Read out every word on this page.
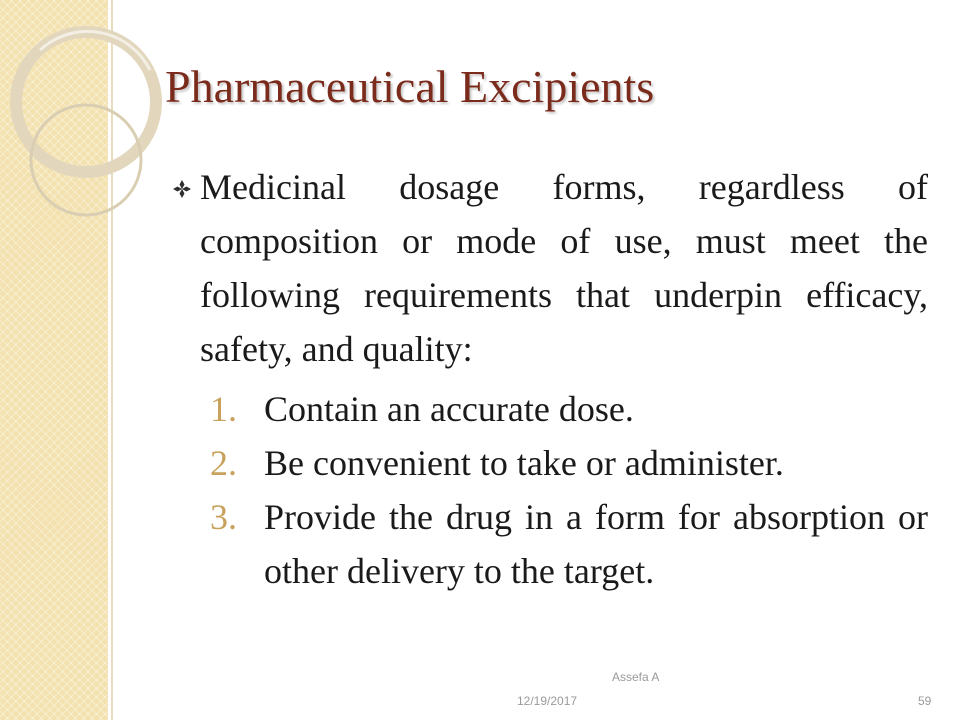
Pharmaceutical Excipients
Medicinal dosage forms, regardless of composition or mode of use, must meet the following requirements that underpin efficacy, safety, and quality:
1. Contain an accurate dose.
2. Be convenient to take or administer.
3. Provide the drug in a form for absorption or other delivery to the target.
Assefa A
12/19/2017	59
